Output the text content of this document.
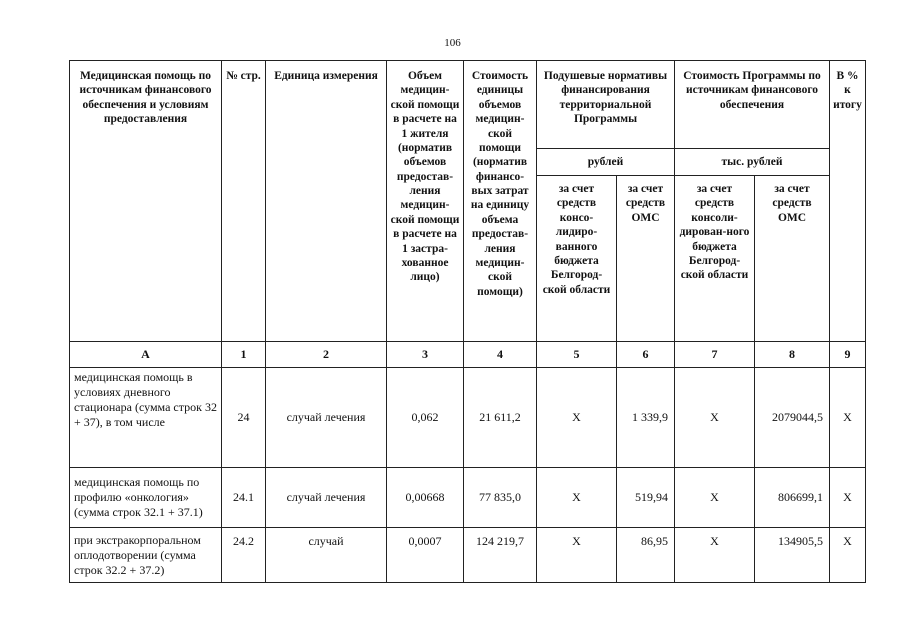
106
Медицинская помощь по источникам финансового обеспечения и условиям предоставления	№ стр.	Единица измерения	Объем медицин-ской помощи в расчете на 1 жителя (норматив объемов предостав-ления медицин-ской помощи в расчете на 1 застра-хованное лицо)	Стоимость единицы объемов медицин-ской помощи (норматив финансо-вых затрат на единицу объема предостав-ления медицин-ской помощи)	Подушевые нормативы финансирования территориальной Программы		Стоимость Программы по источникам финансового обеспечения		В % к итогу
					рублей		тыс. рублей		
					за счет средств консо-лидиро-ванного бюджета Белгород-ской области	за счет средств ОМС	за счет средств консоли-дирован-ного бюджета Белгород-ской области	за счет средств ОМС	
А	1	2	3	4	5	6	7	8	9
медицинская помощь в условиях дневного стационара (сумма строк 32 + 37), в том числе	24	случай лечения	0,062	21 611,2	Х	1 339,9	Х	2079044,5	Х
медицинская помощь по профилю «онкология» (сумма строк 32.1 + 37.1)	24.1	случай лечения	0,00668	77 835,0	Х	519,94	Х	806699,1	Х
при экстракорпоральном оплодотворении (сумма строк 32.2 + 37.2)	24.2	случай	0,0007	124 219,7	Х	86,95	Х	134905,5	Х
